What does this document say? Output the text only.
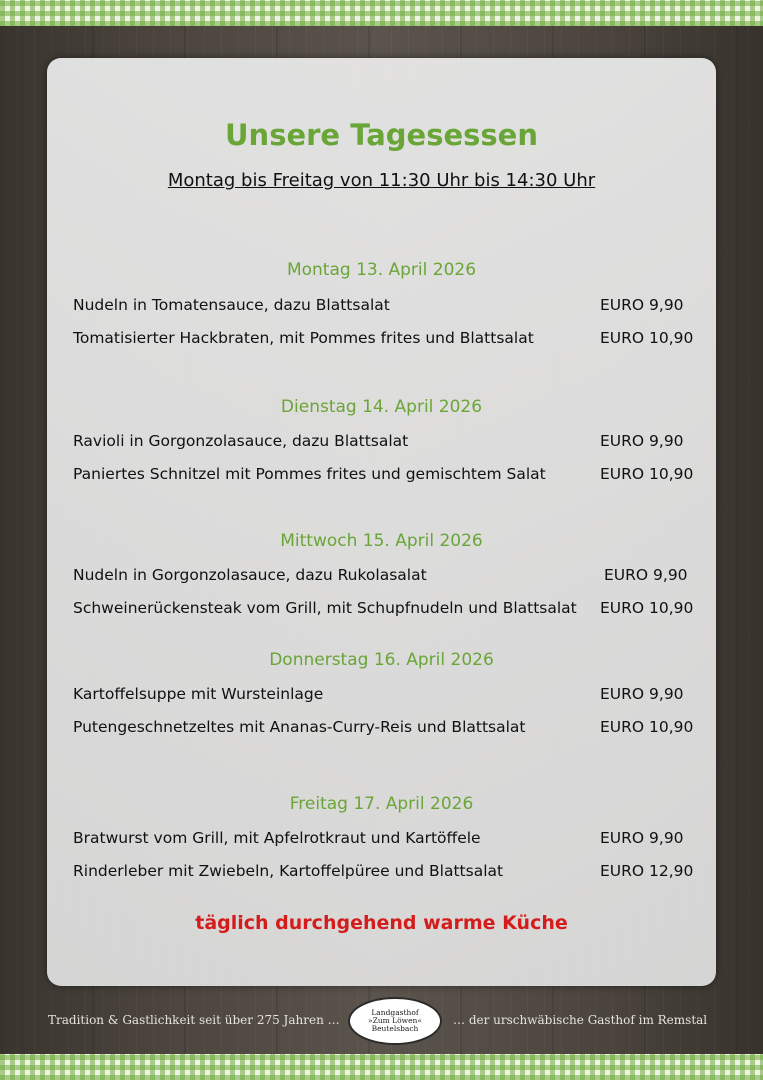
Unsere Tagesessen
Montag bis Freitag von 11:30 Uhr bis 14:30 Uhr
Montag 13. April 2026
Nudeln in Tomatensauce, dazu Blattsalat	EURO 9,90
Tomatisierter Hackbraten, mit Pommes frites und Blattsalat	EURO 10,90
Dienstag 14. April 2026
Ravioli in Gorgonzolasauce, dazu Blattsalat	EURO 9,90
Paniertes Schnitzel mit Pommes frites und gemischtem Salat	EURO 10,90
Mittwoch 15. April 2026
Nudeln in Gorgonzolasauce, dazu Rukolasalat	EURO 9,90
Schweinerückensteak vom Grill, mit Schupfnudeln und Blattsalat EURO 10,90
Donnerstag 16. April 2026
Kartoffelsuppe mit Wursteinlage	EURO 9,90
Putengeschnetzeltes mit Ananas-Curry-Reis und Blattsalat	EURO 10,90
Freitag 17. April 2026
Bratwurst vom Grill, mit Apfelrotkraut und Kartöffele	EURO 9,90
Rinderleber mit Zwiebeln, Kartoffelpüree und Blattsalat	EURO 12,90
täglich durchgehend warme Küche
Tradition & Gastlichkeit seit über 275 Jahren …
Landgasthof
»Zum Löwen«
Beutelsbach
… der urschwäbische Gasthof im Remstal
